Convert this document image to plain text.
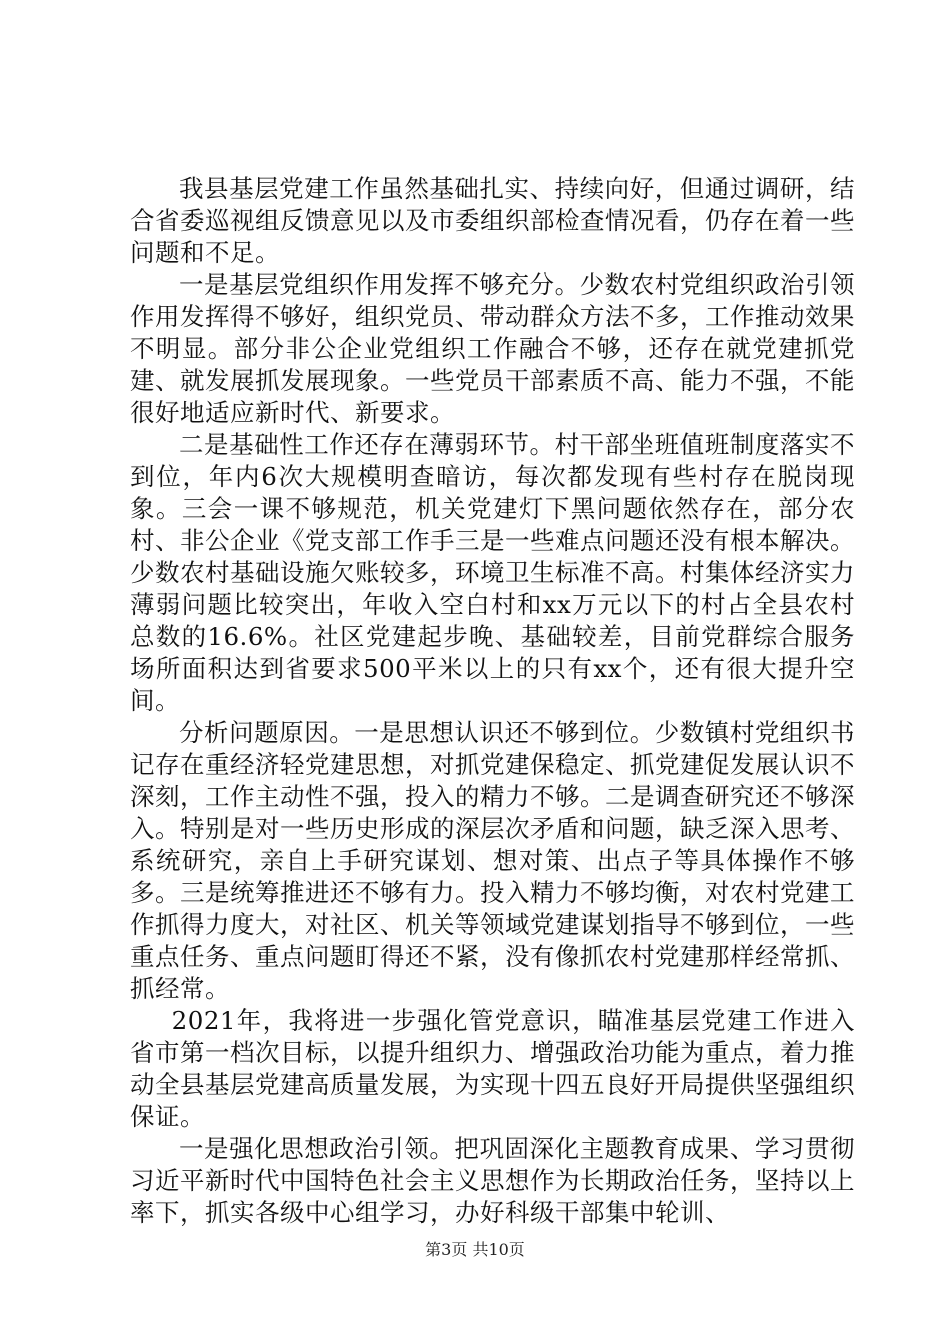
我县基层党建工作虽然基础扎实、持续向好，但通过调研，结合省委巡视组反馈意见以及市委组织部检查情况看，仍存在着一些问题和不足。

一是基层党组织作用发挥不够充分。少数农村党组织政治引领作用发挥得不够好，组织党员、带动群众方法不多，工作推动效果不明显。部分非公企业党组织工作融合不够，还存在就党建抓党建、就发展抓发展现象。一些党员干部素质不高、能力不强，不能很好地适应新时代、新要求。

二是基础性工作还存在薄弱环节。村干部坐班值班制度落实不到位，年内6次大规模明查暗访，每次都发现有些村存在脱岗现象。三会一课不够规范，机关党建灯下黑问题依然存在，部分农村、非公企业《党支部工作手三是一些难点问题还没有根本解决。少数农村基础设施欠账较多，环境卫生标准不高。村集体经济实力薄弱问题比较突出，年收入空白村和xx万元以下的村占全县农村总数的16.6%。社区党建起步晚、基础较差，目前党群综合服务场所面积达到省要求500平米以上的只有xx个，还有很大提升空间。

分析问题原因。一是思想认识还不够到位。少数镇村党组织书记存在重经济轻党建思想，对抓党建保稳定、抓党建促发展认识不深刻，工作主动性不强，投入的精力不够。二是调查研究还不够深入。特别是对一些历史形成的深层次矛盾和问题，缺乏深入思考、系统研究，亲自上手研究谋划、想对策、出点子等具体操作不够多。三是统筹推进还不够有力。投入精力不够均衡，对农村党建工作抓得力度大，对社区、机关等领域党建谋划指导不够到位，一些重点任务、重点问题盯得还不紧，没有像抓农村党建那样经常抓、抓经常。

2021年，我将进一步强化管党意识，瞄准基层党建工作进入省市第一档次目标，以提升组织力、增强政治功能为重点，着力推动全县基层党建高质量发展，为实现十四五良好开局提供坚强组织保证。

一是强化思想政治引领。把巩固深化主题教育成果、学习贯彻习近平新时代中国特色社会主义思想作为长期政治任务，坚持以上率下，抓实各级中心组学习，办好科级干部集中轮训、

第3页 共10页
